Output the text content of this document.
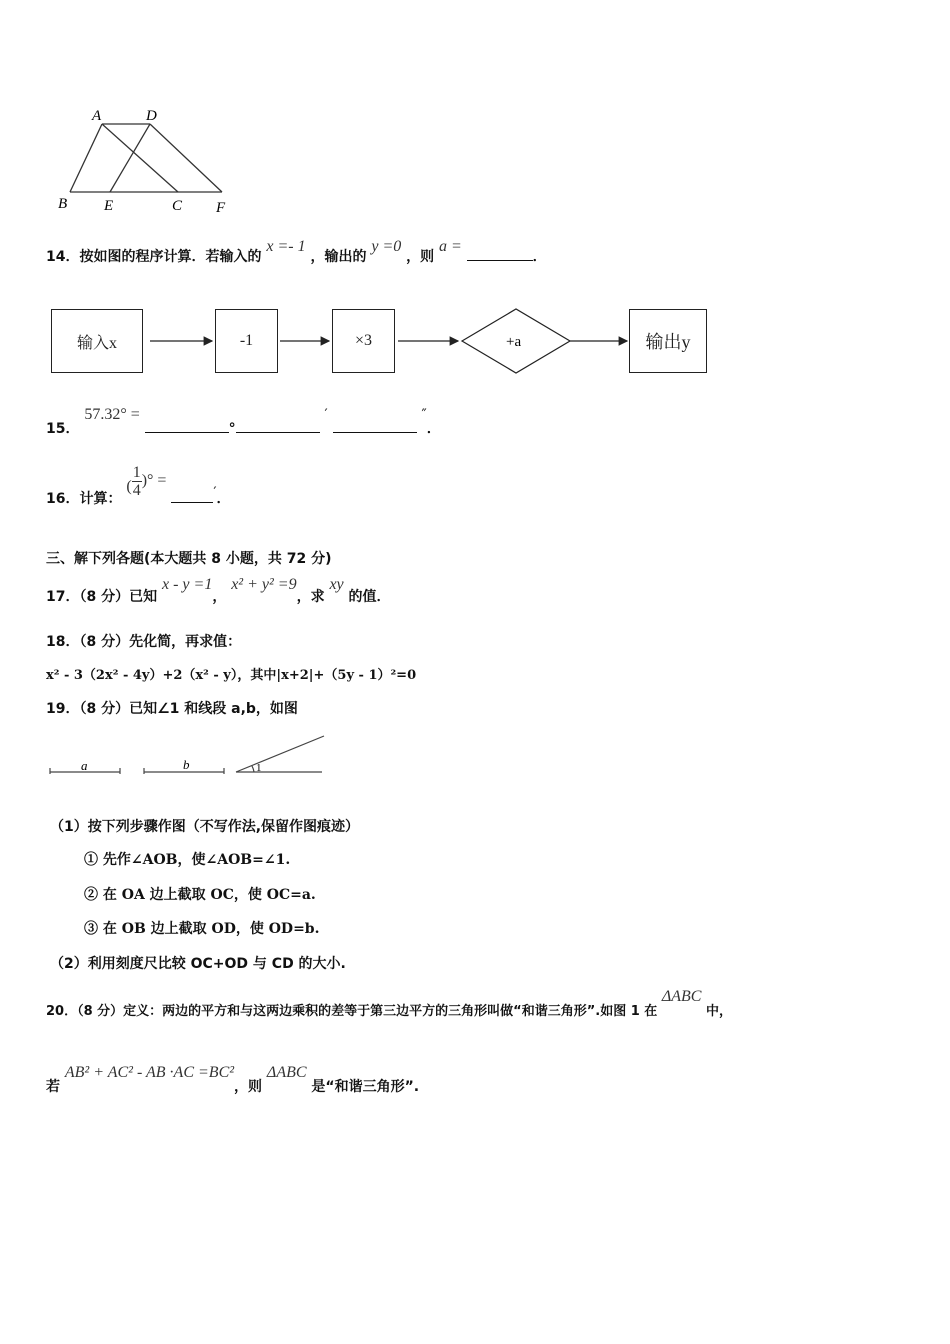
A	D
B E	C F
14．按如图的程序计算．若输入的 x =- 1 ，输出的 y =0 ，则 a = ．
输入x	-1	×3	+a	输出y
15． 57.32° = ° ′	″．
16．计算： ( $\frac{1}{4}$ )° = ′．
三、解下列各题(本大题共 8 小题，共 72 分)
17．（8 分）已知 x - y =1， x² + y² =9，求 xy 的值．
18．（8 分）先化简，再求值：
x² - 3（2x² - 4y）+2（x² - y），其中|x+2|+（5y - 1）²=0
19．（8 分）已知∠1 和线段 a,b，如图
a	b	1
（1）按下列步骤作图（不写作法,保留作图痕迹）
① 先作∠AOB，使∠AOB=∠1.
② 在 OA 边上截取 OC，使 OC=a.
③ 在 OB 边上截取 OD，使 OD=b.
（2）利用刻度尺比较 OC+OD 与 CD 的大小.
20．（8 分）定义：两边的平方和与这两边乘积的差等于第三边平方的三角形叫做“和谐三角形”.如图 1 在 ΔABC 中，
若 AB² + AC² - AB ·AC =BC²，则 ΔABC 是“和谐三角形”.
